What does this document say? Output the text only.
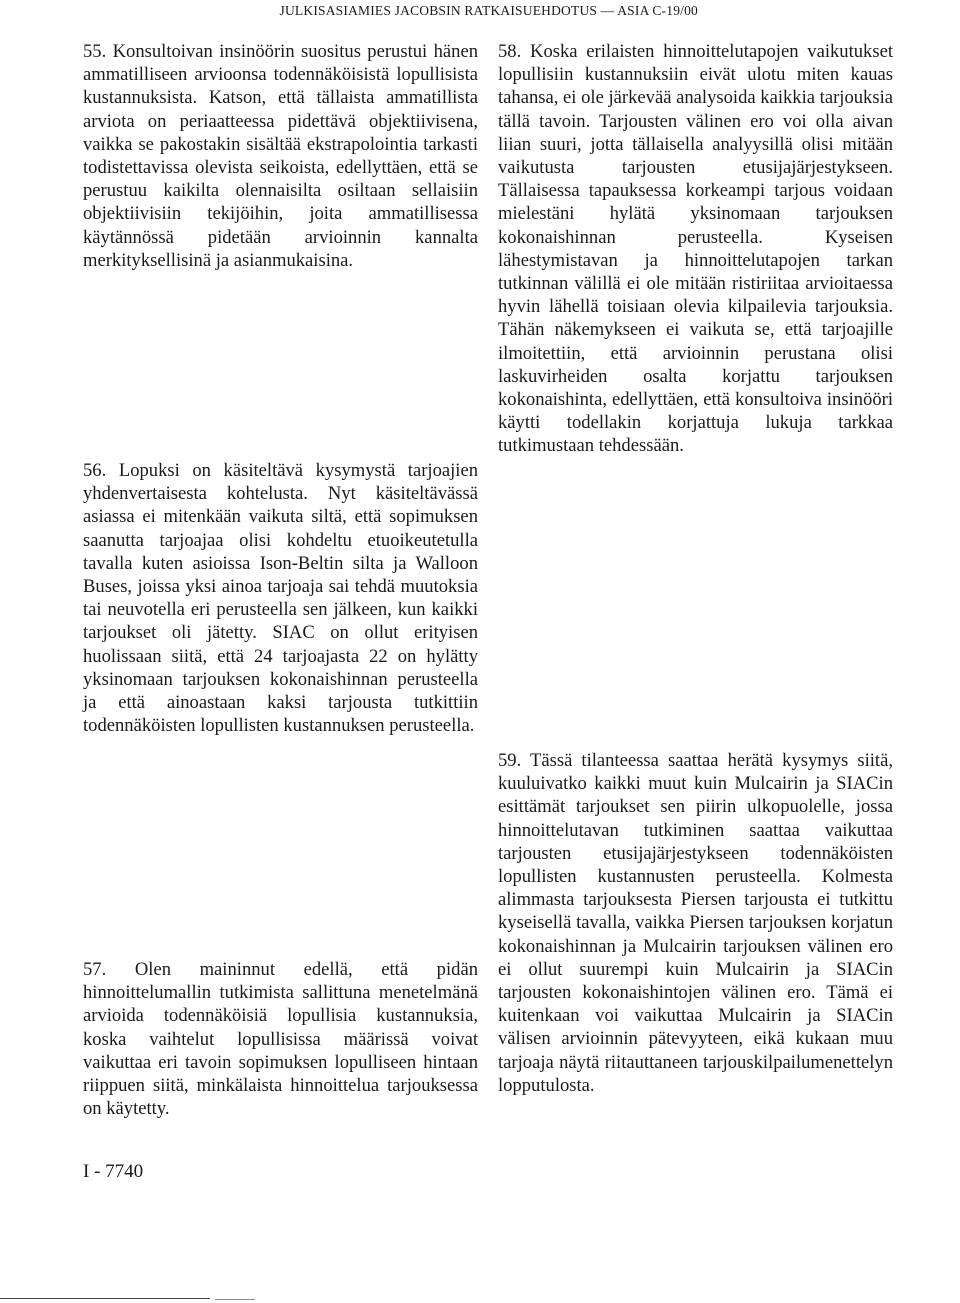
JULKISASIAMIES JACOBSIN RATKAISUEHDOTUS — ASIA C-19/00

55. Konsultoivan insinöörin suositus perustui hänen ammatilliseen arvioonsa todennäköisistä lopullisista kustannuksista. Katson, että tällaista ammatillista arviota on periaatteessa pidettävä objektiivisena, vaikka se pakostakin sisältää ekstrapolointia tarkasti todistettavissa olevista seikoista, edellyttäen, että se perustuu kaikilta olennaisilta osiltaan sellaisiin objektiivisiin tekijöihin, joita ammatillisessa käytännössä pidetään arvioinnin kannalta merkityksellisinä ja asianmukaisina.

56. Lopuksi on käsiteltävä kysymystä tarjoajien yhdenvertaisesta kohtelusta. Nyt käsiteltävässä asiassa ei mitenkään vaikuta siltä, että sopimuksen saanutta tarjoajaa olisi kohdeltu etuoikeutetulla tavalla kuten asioissa Ison-Beltin silta ja Walloon Buses, joissa yksi ainoa tarjoaja sai tehdä muutoksia tai neuvotella eri perusteella sen jälkeen, kun kaikki tarjoukset oli jätetty. SIAC on ollut erityisen huolissaan siitä, että 24 tarjoajasta 22 on hylätty yksinomaan tarjouksen kokonaishinnan perusteella ja että ainoastaan kaksi tarjousta tutkittiin todennäköisten lopullisten kustannuksen perusteella.

57. Olen maininnut edellä, että pidän hinnoittelumallin tutkimista sallittuna menetelmänä arvioida todennäköisiä lopullisia kustannuksia, koska vaihtelut lopullisissa määrissä voivat vaikuttaa eri tavoin sopimuksen lopulliseen hintaan riippuen siitä, minkälaista hinnoittelua tarjouksessa on käytetty.

58. Koska erilaisten hinnoittelutapojen vaikutukset lopullisiin kustannuksiin eivät ulotu miten kauas tahansa, ei ole järkevää analysoida kaikkia tarjouksia tällä tavoin. Tarjousten välinen ero voi olla aivan liian suuri, jotta tällaisella analyysillä olisi mitään vaikutusta tarjousten etusijajärjestykseen. Tällaisessa tapauksessa korkeampi tarjous voidaan mielestäni hylätä yksinomaan tarjouksen kokonaishinnan perusteella. Kyseisen lähestymistavan ja hinnoittelutapojen tarkan tutkinnan välillä ei ole mitään ristiriitaa arvioitaessa hyvin lähellä toisiaan olevia kilpailevia tarjouksia. Tähän näkemykseen ei vaikuta se, että tarjoajille ilmoitettiin, että arvioinnin perustana olisi laskuvirheiden osalta korjattu tarjouksen kokonaishinta, edellyttäen, että konsultoiva insinööri käytti todellakin korjattuja lukuja tarkkaa tutkimustaan tehdessään.

59. Tässä tilanteessa saattaa herätä kysymys siitä, kuuluivatko kaikki muut kuin Mulcairin ja SIACin esittämät tarjoukset sen piirin ulkopuolelle, jossa hinnoittelutavan tutkiminen saattaa vaikuttaa tarjousten etusijajärjestykseen todennäköisten lopullisten kustannusten perusteella. Kolmesta alimmasta tarjouksesta Piersen tarjousta ei tutkittu kyseisellä tavalla, vaikka Piersen tarjouksen korjatun kokonaishinnan ja Mulcairin tarjouksen välinen ero ei ollut suurempi kuin Mulcairin ja SIACin tarjousten kokonaishintojen välinen ero. Tämä ei kuitenkaan voi vaikuttaa Mulcairin ja SIACin välisen arvioinnin pätevyyteen, eikä kukaan muu tarjoaja näytä riitauttaneen tarjouskilpailumenettelyn lopputulosta.

I - 7740
